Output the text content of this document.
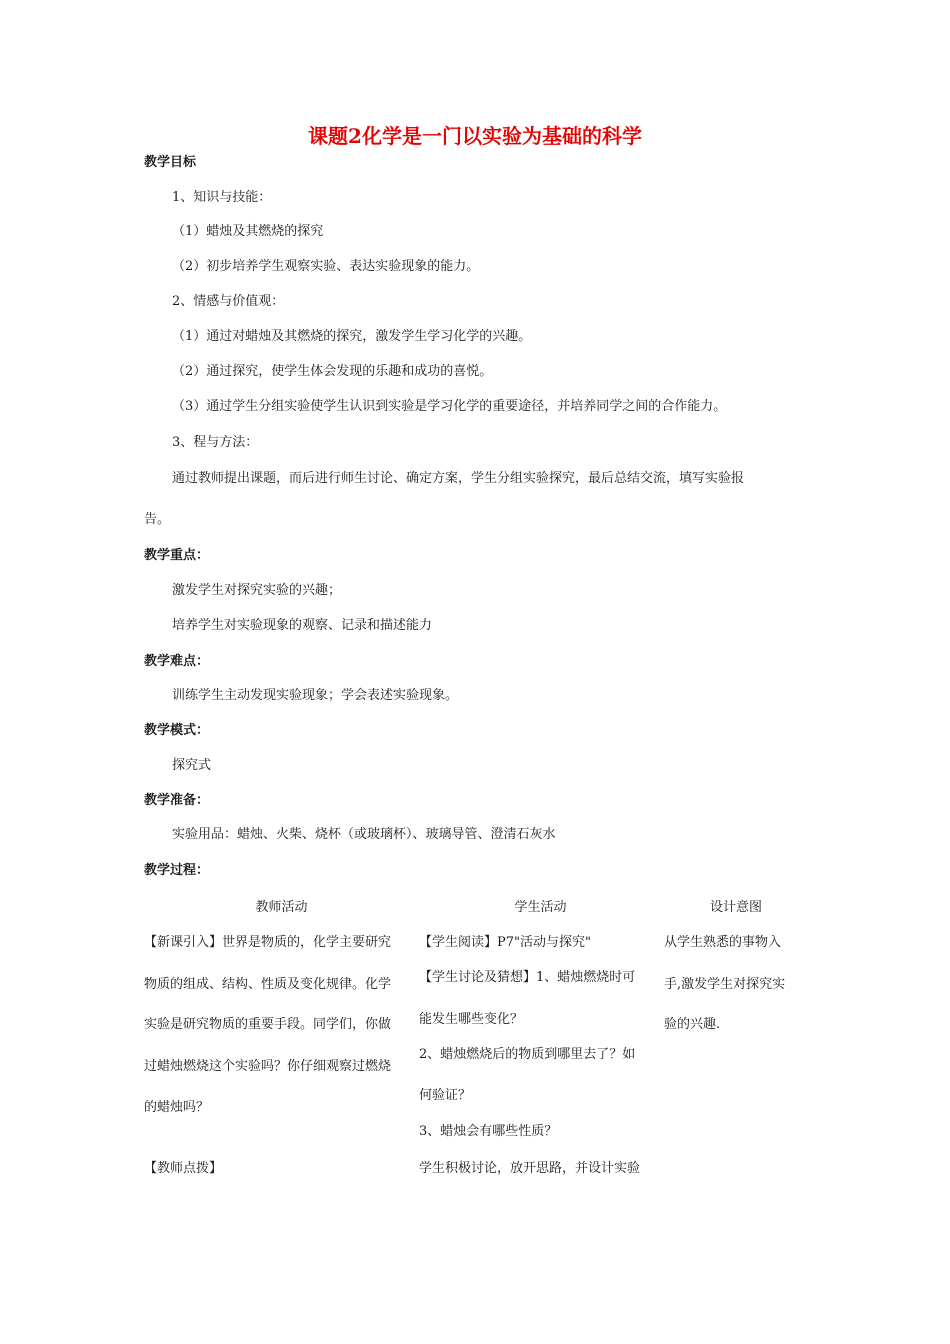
课题2化学是一门以实验为基础的科学
教学目标
1、知识与技能：
（1）蜡烛及其燃烧的探究
（2）初步培养学生观察实验、表达实验现象的能力。
2、情感与价值观：
（1）通过对蜡烛及其燃烧的探究，激发学生学习化学的兴趣。
（2）通过探究，使学生体会发现的乐趣和成功的喜悦。
（3）通过学生分组实验使学生认识到实验是学习化学的重要途径，并培养同学之间的合作能力。
3、程与方法：
通过教师提出课题，而后进行师生讨论、确定方案，学生分组实验探究，最后总结交流，填写实验报
告。
教学重点：
激发学生对探究实验的兴趣；
培养学生对实验现象的观察、记录和描述能力
教学难点：
训练学生主动发现实验现象；学会表述实验现象。
教学模式：
探究式
教学准备：
实验用品：蜡烛、火柴、烧杯（或玻璃杯）、玻璃导管、澄清石灰水
教学过程：
教师活动	学生活动	设计意图
【新课引入】世界是物质的，化学主要研究
物质的组成、结构、性质及变化规律。化学
实验是研究物质的重要手段。同学们，你做
过蜡烛燃烧这个实验吗？你仔细观察过燃烧
的蜡烛吗？
【教师点拨】
【学生阅读】P7"活动与探究"
【学生讨论及猜想】1、蜡烛燃烧时可
能发生哪些变化？
2、蜡烛燃烧后的物质到哪里去了？如
何验证？
3、蜡烛会有哪些性质？
学生积极讨论，放开思路，并设计实验
从学生熟悉的事物入
手,激发学生对探究实
验的兴趣.
